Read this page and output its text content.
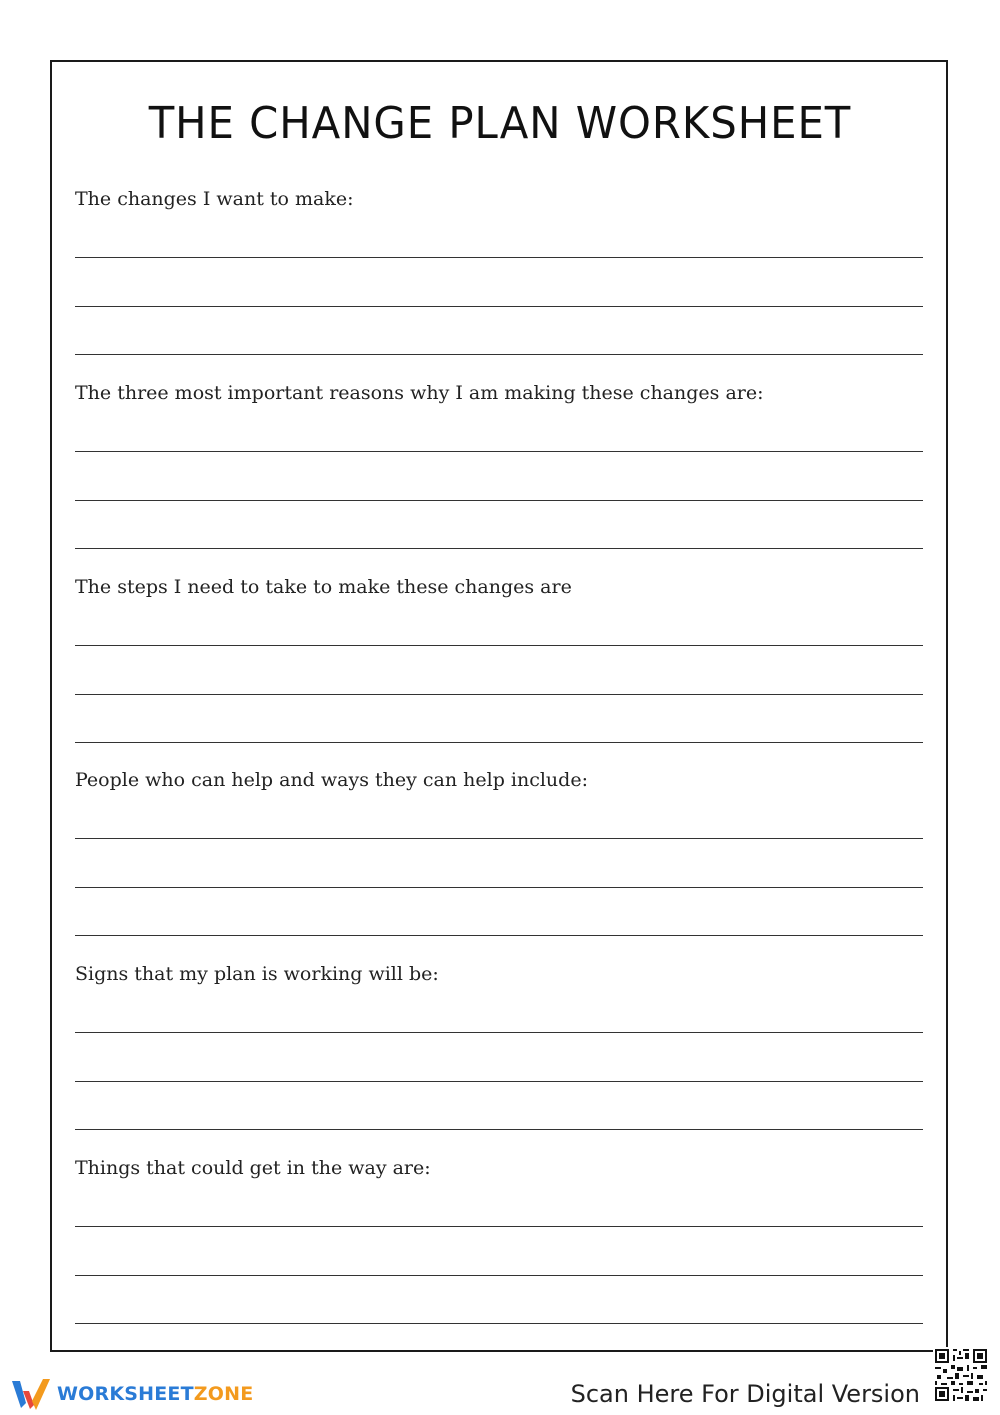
THE CHANGE PLAN WORKSHEET

The changes I want to make:

The three most important reasons why I am making these changes are:

The steps I need to take to make these changes are

People who can help and ways they can help include:

Signs that my plan is working will be:

Things that could get in the way are:

WORKSHEETZONE	Scan Here For Digital Version
